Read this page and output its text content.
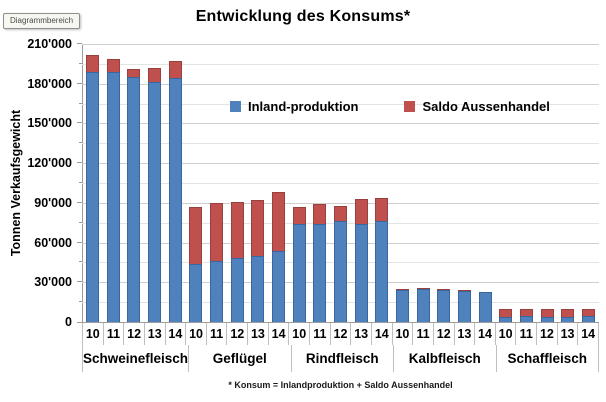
Diagrammbereich	Entwicklung des Konsums*
Tonnen Verkaufsgewicht
0
30'000
60'000
90'000
120'000
150'000
180'000
210'000
Inland-produktion	Saldo Aussenhandel
10 11 12 13 14 10 11 12 13 14 10 11 12 13 14 10 11 12 13 14 10 11 12 13 14
Schweinefleisch	Geflügel	Rindfleisch	Kalbfleisch	Schaffleisch
* Konsum = Inlandproduktion + Saldo Aussenhandel
